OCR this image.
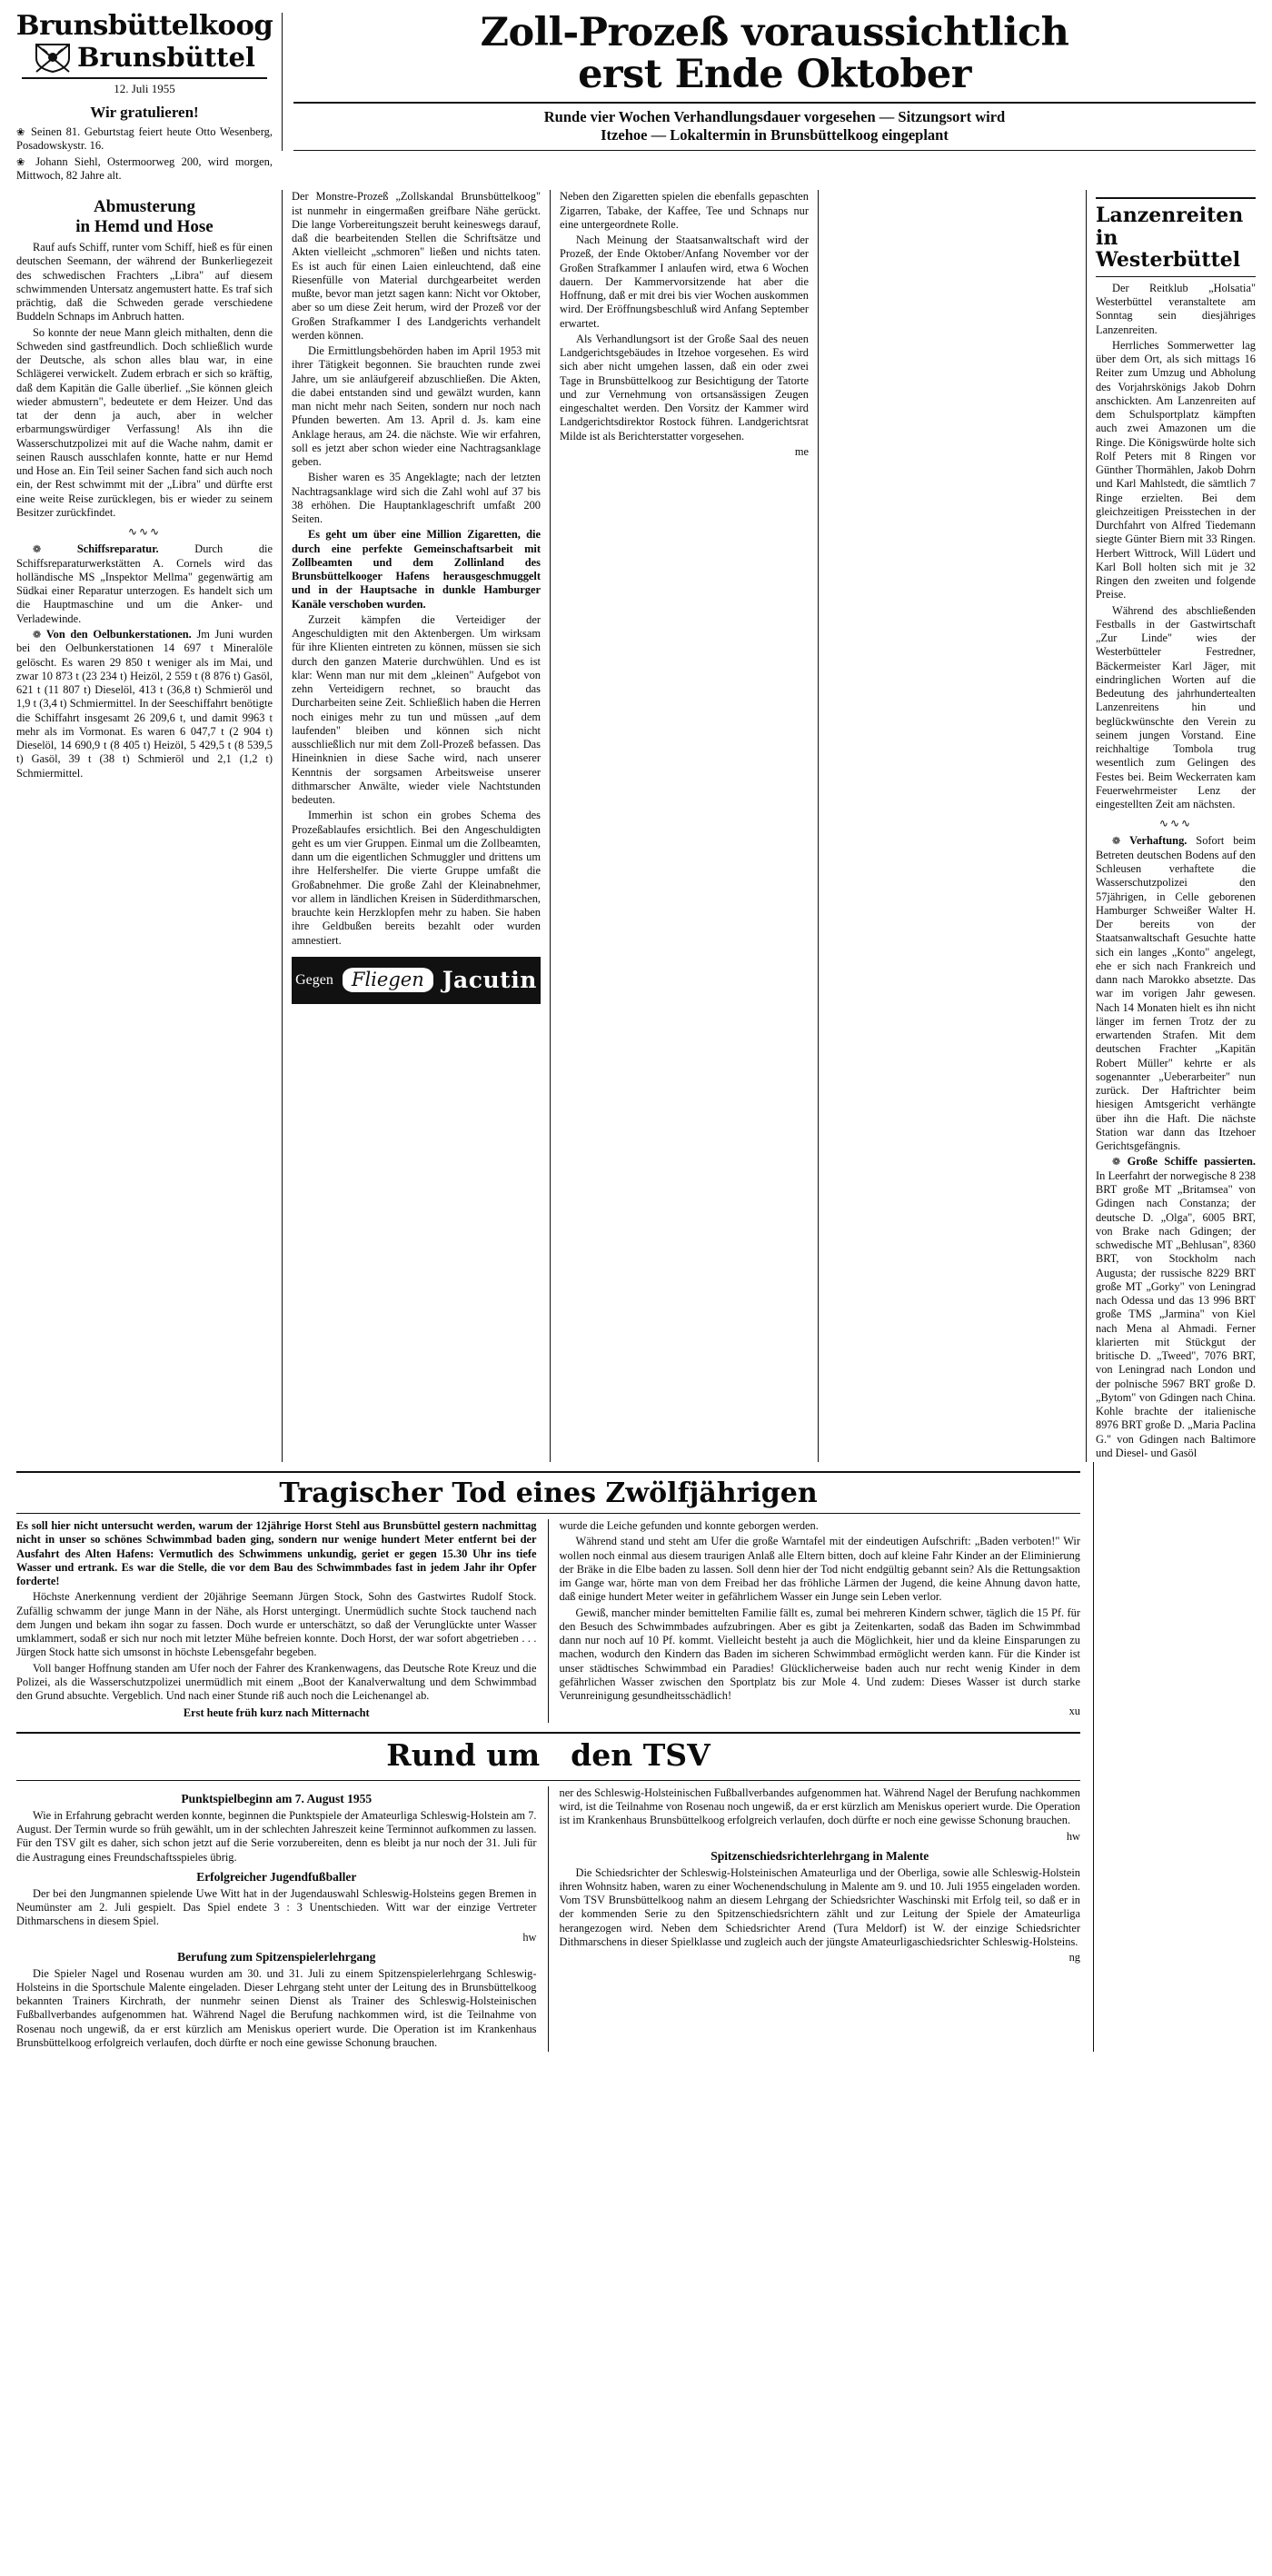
Brunsbüttelkoog
Brunsbüttel
12. Juli 1955
Wir gratulieren!
❀ Seinen 81. Geburtstag feiert heute Otto Wesenberg, Posadowskystr. 16.
❀ Johann Siehl, Ostermoorweg 200, wird morgen, Mittwoch, 82 Jahre alt.
Zoll-Prozeß voraussichtlich
erst Ende Oktober
Runde vier Wochen Verhandlungsdauer vorgesehen — Sitzungsort wird
Itzehoe — Lokaltermin in Brunsbüttelkoog eingeplant
Abmusterung
in Hemd und Hose

Rauf aufs Schiff, runter vom Schiff, hieß es für einen deutschen Seemann, der während der Bunkerliegezeit des schwedischen Frachters „Libra" auf diesem schwimmenden Untersatz angemustert hatte. Es traf sich prächtig, daß die Schweden gerade verschiedene Buddeln Schnaps im Anbruch hatten.

So konnte der neue Mann gleich mithalten, denn die Schweden sind gastfreundlich. Doch schließlich wurde der Deutsche, als schon alles blau war, in eine Schlägerei verwickelt. Zudem erbrach er sich so kräftig, daß dem Kapitän die Galle überlief. „Sie können gleich wieder abmustern", bedeutete er dem Heizer. Und das tat der denn ja auch, aber in welcher erbarmungswürdiger Verfassung! Als ihn die Wasserschutzpolizei mit auf die Wache nahm, damit er seinen Rausch ausschlafen konnte, hatte er nur Hemd und Hose an. Ein Teil seiner Sachen fand sich auch noch ein, der Rest schwimmt mit der „Libra" und dürfte erst eine weite Reise zurücklegen, bis er wieder zu seinem Besitzer zurückfindet.

∿∿∿

❁	Schiffsreparatur.	Durch die Schiffsreparaturwerkstätten A. Cornels wird das holländische MS „Inspektor Mellma" gegenwärtig am Südkai einer Reparatur unterzogen. Es handelt sich um die Hauptmaschine und um die Anker- und Verladewinde.

❁ Von den Oelbunkerstationen. Jm Juni wurden bei den Oelbunkerstationen 14 697 t Mineralöle gelöscht. Es waren 29 850 t weniger als im Mai, und zwar 10 873 t (23 234 t) Heizöl, 2 559 t (8 876 t) Gasöl, 621 t (11 807 t) Dieselöl, 413 t (36,8 t) Schmieröl und 1,9 t (3,4 t) Schmiermittel. In der Seeschiffahrt benötigte die Schiffahrt insgesamt 26 209,6 t, und damit 9963 t mehr als im Vormonat. Es waren 6 047,7 t (2 904 t) Dieselöl, 14 690,9 t (8 405 t) Heizöl, 5 429,5 t (8 539,5 t) Gasöl, 39 t (38 t) Schmieröl und 2,1 (1,2 t) Schmiermittel.

Der Monstre-Prozeß „Zollskandal Brunsbüttelkoog" ist nunmehr in eingermaßen greifbare Nähe gerückt. Die lange Vorbereitungszeit beruht keineswegs darauf, daß die bearbeitenden Stellen die Schriftsätze und Akten vielleicht „schmoren" ließen und nichts taten. Es ist auch für einen Laien einleuchtend, daß eine Riesenfülle von Material durchgearbeitet werden mußte, bevor man jetzt sagen kann: Nicht vor Oktober, aber so um diese Zeit herum, wird der Prozeß vor der Großen Strafkammer I des Landgerichts verhandelt werden können.

Die Ermittlungsbehörden haben im April 1953 mit ihrer Tätigkeit begonnen. Sie brauchten runde zwei Jahre, um sie anläufgereif abzuschließen. Die Akten, die dabei entstanden sind und gewälzt wurden, kann man nicht mehr nach Seiten, sondern nur noch nach Pfunden bewerten. Am 13. April d. Js. kam eine Anklage heraus, am 24. die nächste. Wie wir erfahren, soll es jetzt aber schon wieder eine Nachtragsanklage geben.

Bisher waren es 35 Angeklagte; nach der letzten Nachtragsanklage wird sich die Zahl wohl auf 37 bis 38 erhöhen. Die Hauptanklageschrift umfaßt 200 Seiten.

Es geht um über eine Million Zigaretten, die durch eine perfekte Gemeinschaftsarbeit mit Zollbeamten und dem Zollinland des Brunsbüttelkooger Hafens herausgeschmuggelt und in der Hauptsache in dunkle Hamburger Kanäle verschoben wurden.

Zurzeit kämpfen die Verteidiger der Angeschuldigten mit den Aktenbergen. Um wirksam für ihre Klienten eintreten zu können, müssen sie sich durch den ganzen Materie durchwühlen. Und es ist klar: Wenn man nur mit dem „kleinen" Aufgebot von zehn Verteidigern rechnet, so braucht das Durcharbeiten seine Zeit. Schließlich haben die Herren noch einiges mehr zu tun und müssen „auf dem laufenden" bleiben und können sich nicht ausschließlich nur mit dem Zoll-Prozeß befassen. Das Hineinknien in diese Sache wird, nach unserer Kenntnis der sorgsamen Arbeitsweise unserer dithmarscher Anwälte, wieder viele Nachtstunden bedeuten.

Immerhin ist schon ein grobes Schema des Prozeßablaufes ersichtlich. Bei den Angeschuldigten geht es um vier Gruppen. Einmal um die Zollbeamten, dann um die eigentlichen Schmuggler und drittens um ihre Helfershelfer. Die vierte Gruppe umfaßt die Großabnehmer. Die große Zahl der Kleinabnehmer, vor allem in ländlichen Kreisen in Süderdithmarschen, brauchte kein Herzklopfen mehr zu haben. Sie haben ihre Geldbußen bereits bezahlt oder wurden amnestiert.

Gegen Fliegen Jacutin

Neben den Zigaretten spielen die ebenfalls gepaschten Zigarren, Tabake, der Kaffee, Tee und Schnaps nur eine untergeordnete Rolle.

Nach Meinung der Staatsanwaltschaft wird der Prozeß, der Ende Oktober/Anfang November vor der Großen Strafkammer I anlaufen wird, etwa 6 Wochen dauern. Der Kammervorsitzende hat aber die Hoffnung, daß er mit drei bis vier Wochen auskommen wird. Der Eröffnungsbeschluß wird Anfang September erwartet.

Als Verhandlungsort ist der Große Saal des neuen Landgerichtsgebäudes in Itzehoe vorgesehen. Es wird sich aber nicht umgehen lassen, daß ein oder zwei Tage in Brunsbüttelkoog zur Besichtigung der Tatorte und zur Vernehmung von ortsansässigen Zeugen eingeschaltet werden. Den Vorsitz der Kammer wird Landgerichtsdirektor Rostock führen. Landgerichtsrat Milde ist als Berichterstatter vorgesehen.

me
Lanzenreiten in Westerbüttel

Der Reitklub „Holsatia" Westerbüttel veranstaltete am Sonntag sein diesjähriges Lanzenreiten.

Herrliches Sommerwetter lag über dem Ort, als sich mittags 16 Reiter zum Umzug und Abholung des Vorjahrskönigs Jakob Dohrn anschickten. Am Lanzenreiten auf dem Schulsportplatz kämpften auch zwei Amazonen um die Ringe. Die Königswürde holte sich Rolf Peters mit 8 Ringen vor Günther Thormählen, Jakob Dohrn und Karl Mahlstedt, die sämtlich 7 Ringe erzielten. Bei dem gleichzeitigen Preisstechen in der Durchfahrt von Alfred Tiedemann siegte Günter Biern mit 33 Ringen. Herbert Wittrock, Will Lüdert und Karl Boll holten sich mit je 32 Ringen den zweiten und folgende Preise.

Während des abschließenden Festballs in der Gastwirtschaft „Zur Linde" wies der Westerbütteler Festredner, Bäckermeister Karl Jäger, mit eindringlichen Worten auf die Bedeutung des jahrhundertealten Lanzenreitens hin und beglückwünschte den Verein zu seinem jungen Vorstand. Eine reichhaltige Tombola trug wesentlich zum Gelingen des Festes bei. Beim Weckerraten kam Feuerwehrmeister Lenz der eingestellten Zeit am nächsten.

∿∿∿

❁ Verhaftung. Sofort beim Betreten deutschen Bodens auf den Schleusen verhaftete die Wasserschutzpolizei den 57jährigen, in Celle geborenen Hamburger Schweißer Walter H. Der bereits von der Staatsanwaltschaft Gesuchte hatte sich ein langes „Konto" angelegt, ehe er sich nach Frankreich und dann nach Marokko absetzte. Das war im vorigen Jahr gewesen. Nach 14 Monaten hielt es ihn nicht länger im fernen Trotz der zu erwartenden Strafen. Mit dem deutschen Frachter „Kapitän Robert Müller" kehrte er als sogenannter „Ueberarbeiter" nun zurück. Der Haftrichter beim hiesigen Amtsgericht verhängte über ihn die Haft. Die nächste Station war dann das Itzehoer Gerichtsgefängnis.

❁ Große Schiffe passierten. In Leerfahrt der norwegische 8 238 BRT große MT „Britamsea" von Gdingen nach Constanza; der deutsche D. „Olga", 6005 BRT, von Brake nach Gdingen; der schwedische MT „Behlusan", 8360 BRT, von Stockholm nach Augusta; der russische 8229 BRT große MT „Gorky" von Leningrad nach Odessa und das 13 996 BRT große TMS „Jarmina" von Kiel nach Mena al Ahmadi. Ferner klarierten mit Stückgut der britische D. „Tweed", 7076 BRT, von Leningrad nach London und der polnische 5967 BRT große D. „Bytom" von Gdingen nach China. Kohle brachte der italienische 8976 BRT große D. „Maria Paclina G." von Gdingen nach Baltimore und Diesel- und Gasöl

Tragischer Tod eines Zwölfjährigen

Es soll hier nicht untersucht werden, warum der 12jährige Horst Stehl aus Brunsbüttel gestern nachmittag nicht in unser so schönes Schwimmbad baden ging, sondern nur wenige hundert Meter entfernt bei der Ausfahrt des Alten Hafens: Vermutlich des Schwimmens unkundig, geriet er gegen 15.30 Uhr ins tiefe Wasser und ertrank. Es war die Stelle, die vor dem Bau des Schwimmbades fast in jedem Jahr ihr Opfer forderte!

Höchste Anerkennung verdient der 20jährige Seemann Jürgen Stock, Sohn des Gastwirtes Rudolf Stock. Zufällig schwamm der junge Mann in der Nähe, als Horst untergingt. Unermüdlich suchte Stock tauchend nach dem Jungen und bekam ihn sogar zu fassen. Doch wurde er unterschätzt, so daß der Verunglückte unter Wasser umklammert, sodaß er sich nur noch mit letzter Mühe befreien konnte. Doch Horst, der war sofort abgetrieben . . . Jürgen Stock hatte sich umsonst in höchste Lebensgefahr begeben.

Voll banger Hoffnung standen am Ufer noch der Fahrer des Krankenwagens, das Deutsche Rote Kreuz und die Polizei, als die Wasserschutzpolizei unermüdlich mit einem „Boot der Kanalverwaltung und dem Schwimmbad den Grund absuchte. Vergeblich. Und nach einer Stunde riß auch noch die Leichenangel ab.

Erst heute früh kurz nach Mitternacht

wurde die Leiche gefunden und konnte geborgen werden.

Während stand und steht am Ufer die große Warntafel mit der eindeutigen Aufschrift: „Baden verboten!" Wir wollen noch einmal aus diesem traurigen Anlaß alle Eltern bitten, doch auf kleine Fahr Kinder an der Eliminierung der Bräke in die Elbe baden zu lassen. Soll denn hier der Tod nicht endgültig gebannt sein? Als die Rettungsaktion im Gange war, hörte man von dem Freibad her das fröhliche Lärmen der Jugend, die keine Ahnung davon hatte, daß einige hundert Meter weiter in gefährlichem Wasser ein Junge sein Leben verlor.

Gewiß, mancher minder bemittelten Familie fällt es, zumal bei mehreren Kindern schwer, täglich die 15 Pf. für den Besuch des Schwimmbades aufzubringen. Aber es gibt ja Zeitenkarten, sodaß das Baden im Schwimmbad dann nur noch auf 10 Pf. kommt. Vielleicht besteht ja auch die Möglichkeit, hier und da kleine Einsparungen zu machen, wodurch den Kindern das Baden im sicheren Schwimmbad ermöglicht werden kann. Für die Kinder ist unser städtisches Schwimmbad ein Paradies! Glücklicherweise baden auch nur recht wenig Kinder in dem gefährlichen Wasser zwischen den Sportplatz bis zur Mole 4. Und zudem: Dieses Wasser ist durch starke Verunreinigung gesundheitsschädlich!

xu
Rund um den TSV
Punktspielbeginn am 7. August 1955

Wie in Erfahrung gebracht werden konnte, beginnen die Punktspiele der Amateurliga Schleswig-Holstein am 7. August. Der Termin wurde so früh gewählt, um in der schlechten Jahreszeit keine Terminnot aufkommen zu lassen. Für den TSV gilt es daher, sich schon jetzt auf die Serie vorzubereiten, denn es bleibt ja nur noch der 31. Juli für die Austragung eines Freundschaftsspieles übrig.

Erfolgreicher Jugendfußballer

Der bei den Jungmannen spielende Uwe Witt hat in der Jugendauswahl Schleswig-Holsteins gegen Bremen in Neumünster am 2. Juli gespielt. Das Spiel endete 3 : 3 Unentschieden. Witt war der einzige Vertreter Dithmarschens in diesem Spiel.

hw
Berufung zum Spitzenspielerlehrgang

Die Spieler Nagel und Rosenau wurden am 30. und 31. Juli zu einem Spitzenspielerlehrgang Schleswig-Holsteins in die Sportschule Malente eingeladen. Dieser Lehrgang steht unter der Leitung des in Brunsbüttelkoog bekannten Trainers Kirchrath, der nunmehr seinen Dienst als Trainer des Schleswig-Holsteinischen Fußballverbandes aufgenommen hat. Während Nagel die Berufung nachkommen wird, ist die Teilnahme von Rosenau noch ungewiß, da er erst kürzlich am Meniskus operiert wurde. Die Operation ist im Krankenhaus Brunsbüttelkoog erfolgreich verlaufen, doch dürfte er noch eine gewisse Schonung brauchen.

ner des Schleswig-Holsteinischen Fußballverbandes aufgenommen hat. Während Nagel der Berufung nachkommen wird, ist die Teilnahme von Rosenau noch ungewiß, da er erst kürzlich am Meniskus operiert wurde. Die Operation ist im Krankenhaus Brunsbüttelkoog erfolgreich verlaufen, doch dürfte er noch eine gewisse Schonung brauchen.

hw
Spitzenschiedsrichterlehrgang in Malente

Die Schiedsrichter der Schleswig-Holsteinischen Amateurliga und der Oberliga, sowie alle Schleswig-Holstein ihren Wohnsitz haben, waren zu einer Wochenendschulung in Malente am 9. und 10. Juli 1955 eingeladen worden. Vom TSV Brunsbüttelkoog nahm an diesem Lehrgang der Schiedsrichter Waschinski mit Erfolg teil, so daß er in der kommenden Serie zu den Spitzenschiedsrichtern zählt und zur Leitung der Spiele der Amateurliga herangezogen wird. Neben dem Schiedsrichter Arend (Tura Meldorf) ist W. der einzige Schiedsrichter Dithmarschens in dieser Spielklasse und zugleich auch der jüngste Amateurligaschiedsrichter Schleswig-Holsteins.

ng
